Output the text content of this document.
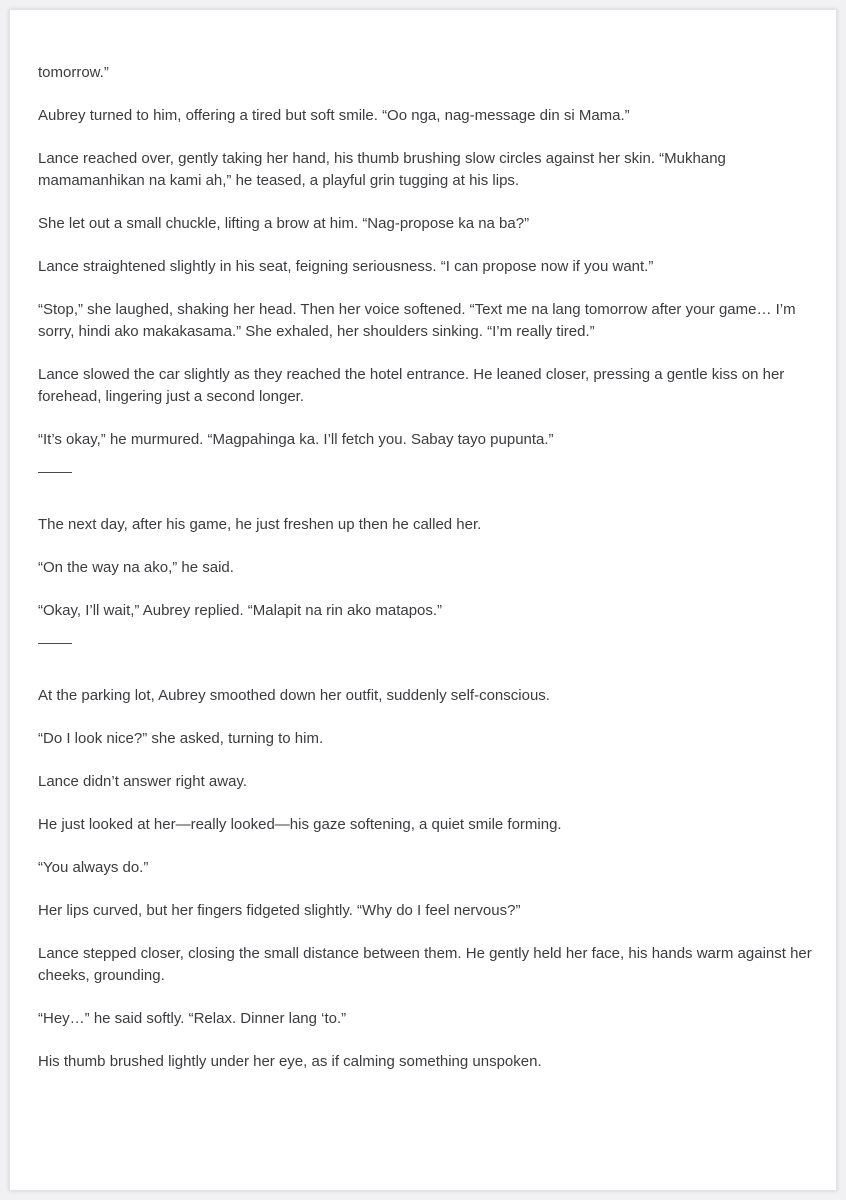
tomorrow.”

Aubrey turned to him, offering a tired but soft smile. “Oo nga, nag-message din si Mama.”

Lance reached over, gently taking her hand, his thumb brushing slow circles against her skin. “Mukhang mamamanhikan na kami ah,” he teased, a playful grin tugging at his lips.

She let out a small chuckle, lifting a brow at him. “Nag-propose ka na ba?”

Lance straightened slightly in his seat, feigning seriousness. “I can propose now if you want.”

“Stop,” she laughed, shaking her head. Then her voice softened. “Text me na lang tomorrow after your game… I’m sorry, hindi ako makakasama.” She exhaled, her shoulders sinking. “I’m really tired.”

Lance slowed the car slightly as they reached the hotel entrance. He leaned closer, pressing a gentle kiss on her forehead, lingering just a second longer.

“It’s okay,” he murmured. “Magpahinga ka. I’ll fetch you. Sabay tayo pupunta.”

The next day, after his game, he just freshen up then he called her.

“On the way na ako,” he said.

“Okay, I’ll wait,” Aubrey replied. “Malapit na rin ako matapos.”

At the parking lot, Aubrey smoothed down her outfit, suddenly self-conscious.

“Do I look nice?” she asked, turning to him.

Lance didn’t answer right away.

He just looked at her—really looked—his gaze softening, a quiet smile forming.

“You always do.”

Her lips curved, but her fingers fidgeted slightly. “Why do I feel nervous?”

Lance stepped closer, closing the small distance between them. He gently held her face, his hands warm against her cheeks, grounding.

“Hey…” he said softly. “Relax. Dinner lang ‘to.”

His thumb brushed lightly under her eye, as if calming something unspoken.
